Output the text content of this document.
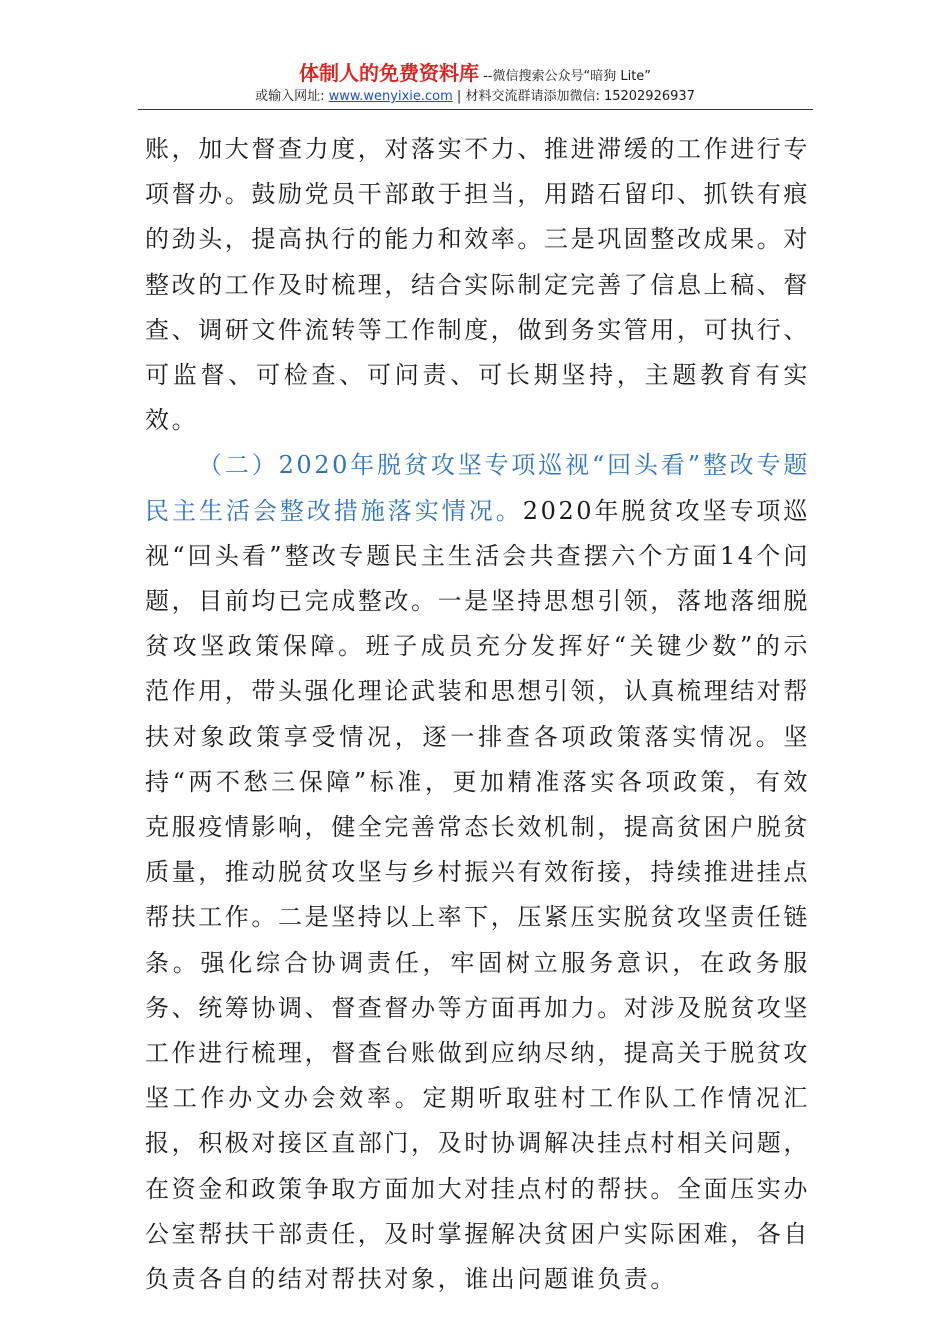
体制人的免费资料库 --微信搜索公众号“暗狗 Lite”
或输入网址: www.wenyixie.com | 材料交流群请添加微信: 15202926937

账，加大督查力度，对落实不力、推进滞缓的工作进行专项督办。鼓励党员干部敢于担当，用踏石留印、抓铁有痕的劲头，提高执行的能力和效率。三是巩固整改成果。对整改的工作及时梳理，结合实际制定完善了信息上稿、督查、调研文件流转等工作制度，做到务实管用，可执行、可监督、可检查、可问责、可长期坚持，主题教育有实效。

（二）2020年脱贫攻坚专项巡视“回头看”整改专题民主生活会整改措施落实情况。2020年脱贫攻坚专项巡视“回头看”整改专题民主生活会共查摆六个方面14个问题，目前均已完成整改。一是坚持思想引领，落地落细脱贫攻坚政策保障。班子成员充分发挥好“关键少数”的示范作用，带头强化理论武装和思想引领，认真梳理结对帮扶对象政策享受情况，逐一排查各项政策落实情况。坚持“两不愁三保障”标准，更加精准落实各项政策，有效克服疫情影响，健全完善常态长效机制，提高贫困户脱贫质量，推动脱贫攻坚与乡村振兴有效衔接，持续推进挂点帮扶工作。二是坚持以上率下，压紧压实脱贫攻坚责任链条。强化综合协调责任，牢固树立服务意识，在政务服务、统筹协调、督查督办等方面再加力。对涉及脱贫攻坚工作进行梳理，督查台账做到应纳尽纳，提高关于脱贫攻坚工作办文办会效率。定期听取驻村工作队工作情况汇报，积极对接区直部门，及时协调解决挂点村相关问题，在资金和政策争取方面加大对挂点村的帮扶。全面压实办公室帮扶干部责任，及时掌握解决贫困户实际困难，各自负责各自的结对帮扶对象，谁出问题谁负责。
